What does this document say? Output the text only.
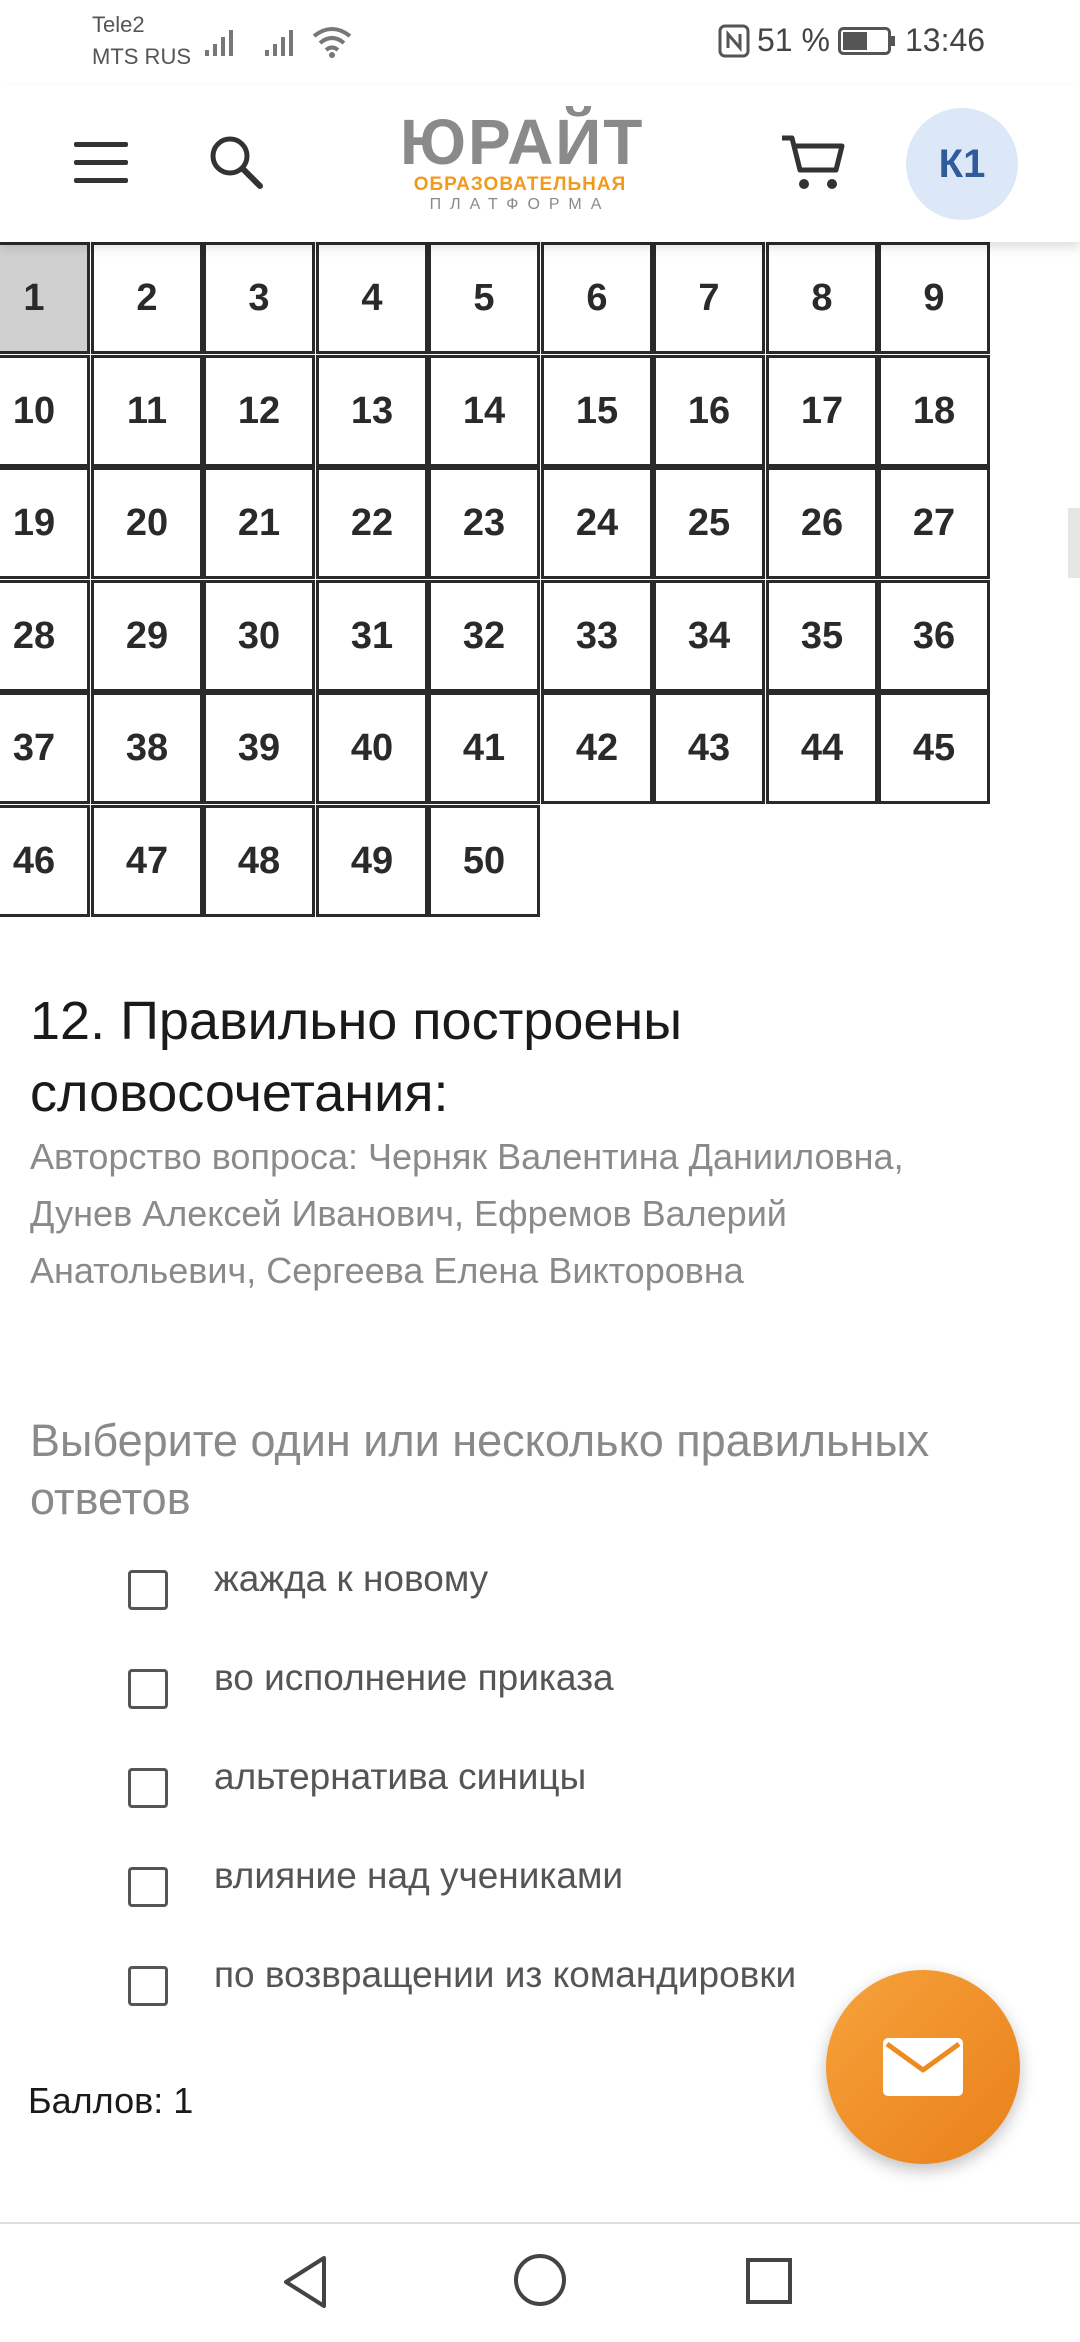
Tele2
MTS RUS	51 % 13:46
ЮРАЙТ
ОБРАЗОВАТЕЛЬНАЯ
ПЛАТФОРМА
К1
1	2	3	4	5	6	7	8	9
10	11	12	13	14	15	16	17	18
19	20	21	22	23	24	25	26	27
28	29	30	31	32	33	34	35	36
37	38	39	40	41	42	43	44	45
46	47	48	49	50
12. Правильно построены словосочетания:
Авторство вопроса: Черняк Валентина Данииловна, Дунев Алексей Иванович, Ефремов Валерий Анатольевич, Сергеева Елена Викторовна
Выберите один или несколько правильных ответов
жажда к новому
во исполнение приказа
альтернатива синицы
влияние над учениками
по возвращении из командировки
Баллов: 1
